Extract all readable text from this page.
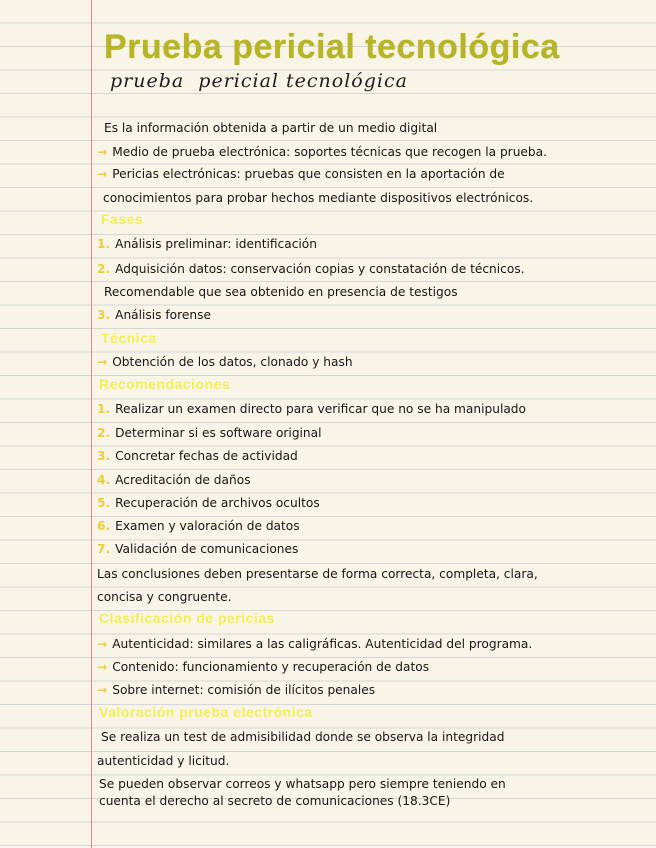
Prueba pericial tecnológica
prueba  pericial tecnológica
Es la información obtenida a partir de un medio digital
→ Medio de prueba electrónica: soportes técnicas que recogen la prueba.
→ Pericias electrónicas: pruebas que consisten en la aportación de
conocimientos para probar hechos mediante dispositivos electrónicos.
Fases
1. Análisis preliminar: identificación
2. Adquisición datos: conservación copias y constatación de técnicos.
Recomendable que sea obtenido en presencia de testigos
3. Análisis forense
Técnica
→ Obtención de los datos, clonado y hash
Recomendaciones
1. Realizar un examen directo para verificar que no se ha manipulado
2. Determinar si es software original
3. Concretar fechas de actividad
4. Acreditación de daños
5. Recuperación de archivos ocultos
6. Examen y valoración de datos
7. Validación de comunicaciones
Las conclusiones deben presentarse de forma correcta, completa, clara,
concisa y congruente.
Clasificación de pericias
→ Autenticidad: similares a las caligráficas. Autenticidad del programa.
→ Contenido: funcionamiento y recuperación de datos
→ Sobre internet: comisión de ilícitos penales
Valoración prueba electrónica
Se realiza un test de admisibilidad donde se observa la integridad
autenticidad y licitud.
Se pueden observar correos y whatsapp pero siempre teniendo en
cuenta el derecho al secreto de comunicaciones (18.3CE)
